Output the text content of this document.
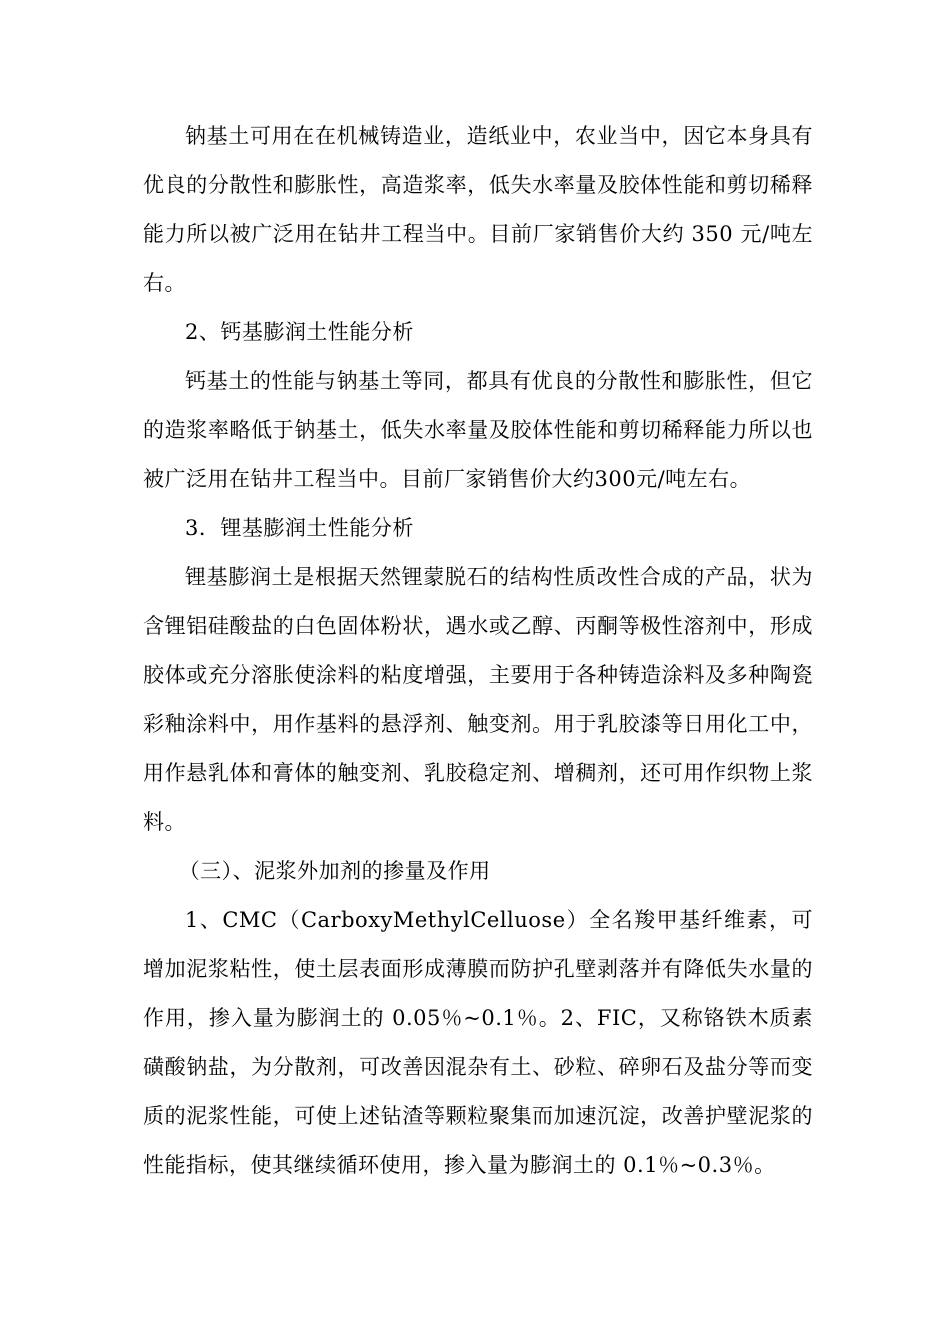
钠基土可用在在机械铸造业，造纸业中，农业当中，因它本身具有优良的分散性和膨胀性，高造浆率，低失水率量及胶体性能和剪切稀释能力所以被广泛用在钻井工程当中。目前厂家销售价大约 350 元/吨左右。

2、钙基膨润土性能分析

钙基土的性能与钠基土等同，都具有优良的分散性和膨胀性，但它的造浆率略低于钠基土，低失水率量及胶体性能和剪切稀释能力所以也被广泛用在钻井工程当中。目前厂家销售价大约300元/吨左右。

3．锂基膨润土性能分析

锂基膨润土是根据天然锂蒙脱石的结构性质改性合成的产品，状为含锂铝硅酸盐的白色固体粉状，遇水或乙醇、丙酮等极性溶剂中，形成胶体或充分溶胀使涂料的粘度增强，主要用于各种铸造涂料及多种陶瓷彩釉涂料中，用作基料的悬浮剂、触变剂。用于乳胶漆等日用化工中，用作悬乳体和膏体的触变剂、乳胶稳定剂、增稠剂，还可用作织物上浆料。

（三）、泥浆外加剂的掺量及作用

1、CMC（CarboxyMethylCelluose）全名羧甲基纤维素，可增加泥浆粘性，使土层表面形成薄膜而防护孔壁剥落并有降低失水量的作用，掺入量为膨润土的 0.05％~0.1％。2、FIC，又称铬铁木质素磺酸钠盐，为分散剂，可改善因混杂有土、砂粒、碎卵石及盐分等而变质的泥浆性能，可使上述钻渣等颗粒聚集而加速沉淀，改善护壁泥浆的性能指标，使其继续循环使用，掺入量为膨润土的 0.1％~0.3％。
